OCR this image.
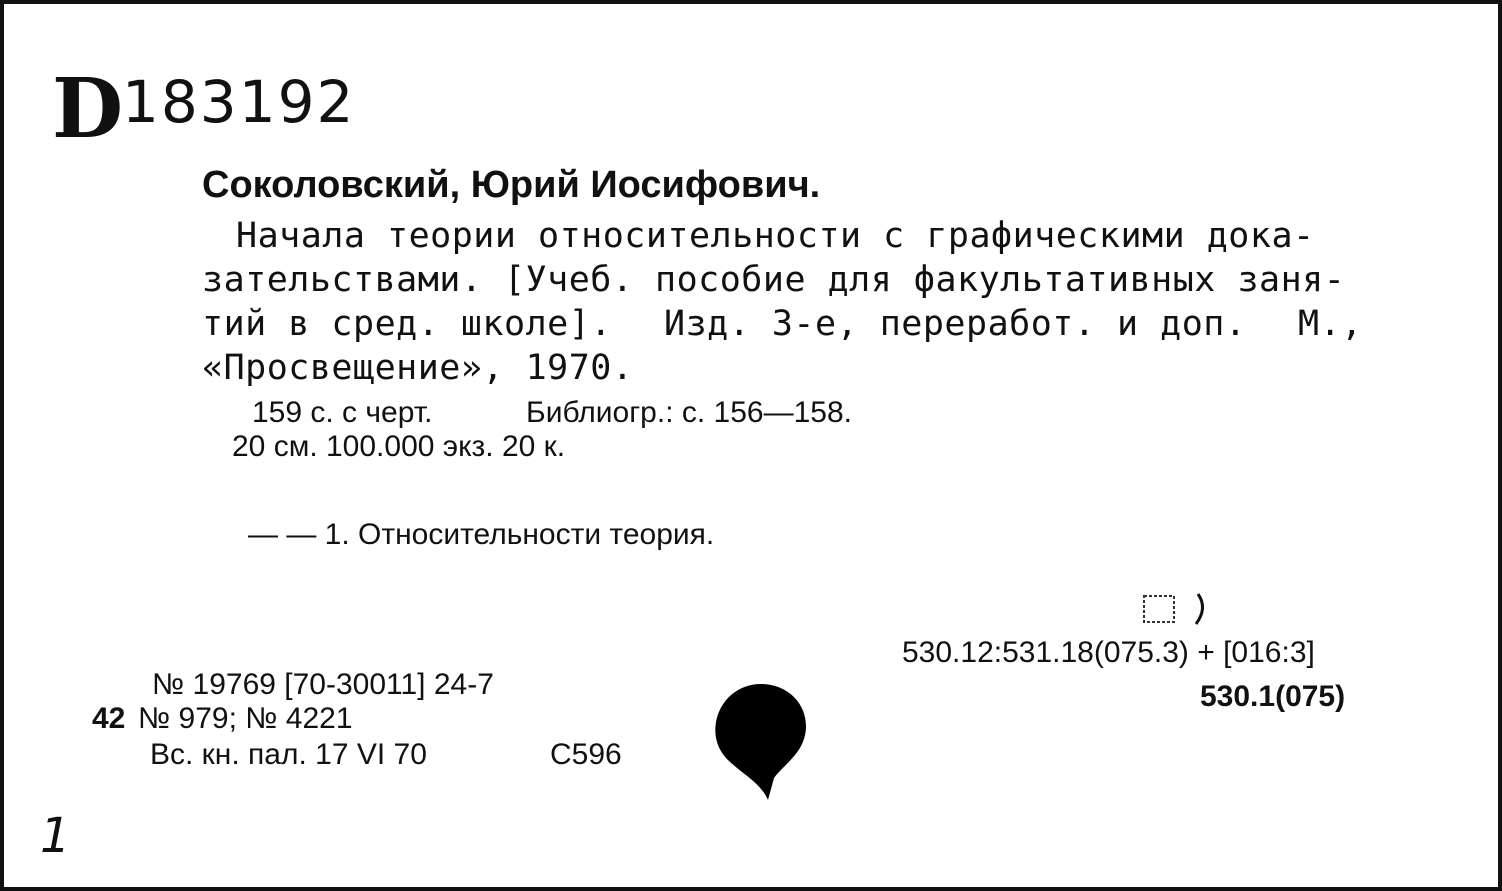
D
183192
Соколовский, Юрий Иосифович.
Начала теории относительности с графическими дока-
зательствами. [Учеб. пособие для факультативных заня-
тий в сред. школе]. Изд. 3-е, переработ. и доп. М.,
«Просвещение», 1970.
159 с. с черт.	Библиогр.: с. 156—158.
20 см. 100.000 экз. 20 к.
— — 1. Относительности теория.
530.12:531.18(075.3) + [016:3]
530.1(075)
№ 19769 [70-30011] 24-7
42 № 979; № 4221
Вс. кн. пал. 17 VI 70	С596
1
